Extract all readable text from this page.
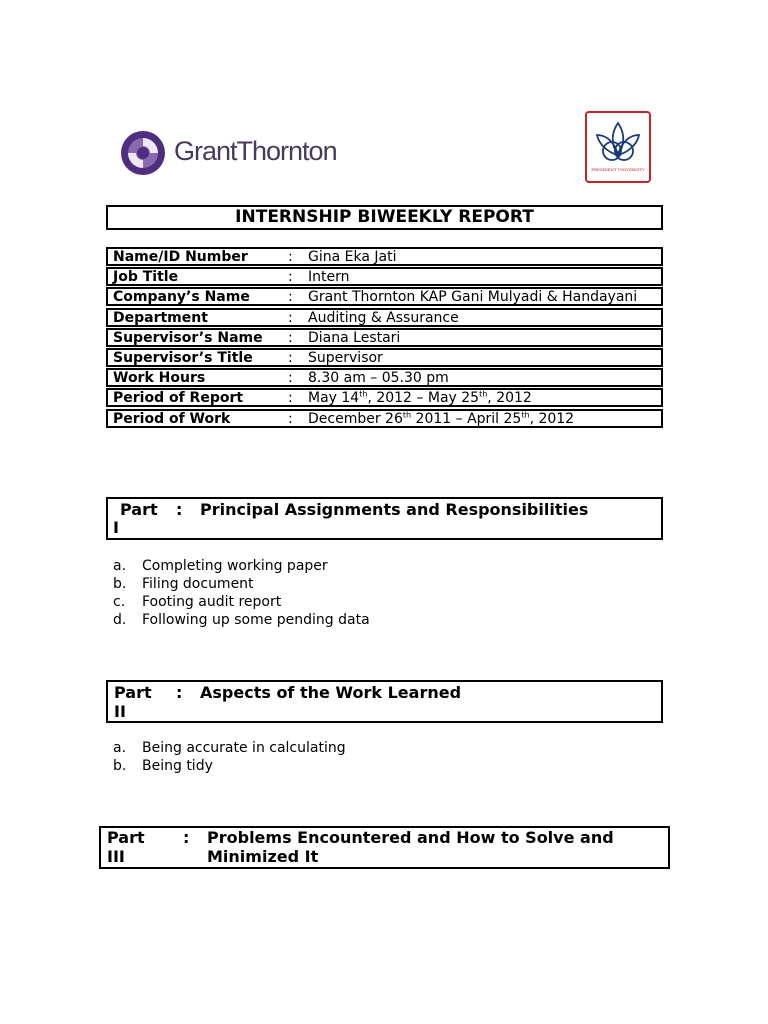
GrantThornton
PRESIDENT UNIVERSITY
INTERNSHIP BIWEEKLY REPORT
Name/ID Number	: Gina Eka Jati
Job Title	: Intern
Company’s Name	: Grant Thornton KAP Gani Mulyadi & Handayani
Department	: Auditing & Assurance
Supervisor’s Name : Diana Lestari
Supervisor’s Title	: Supervisor
Work Hours	: 8.30 am – 05.30 pm
Period of Report	: May 14th, 2012 – May 25th, 2012
Period of Work	: December 26th 2011 – April 25th, 2012
Part
I
: Principal Assignments and Responsibilities
a. Completing working paper
b. Filing document
c. Footing audit report
d. Following up some pending data
Part
II
: Aspects of the Work Learned
a. Being accurate in calculating
b. Being tidy
Part
III
: Problems Encountered and How to Solve and
Minimized It
